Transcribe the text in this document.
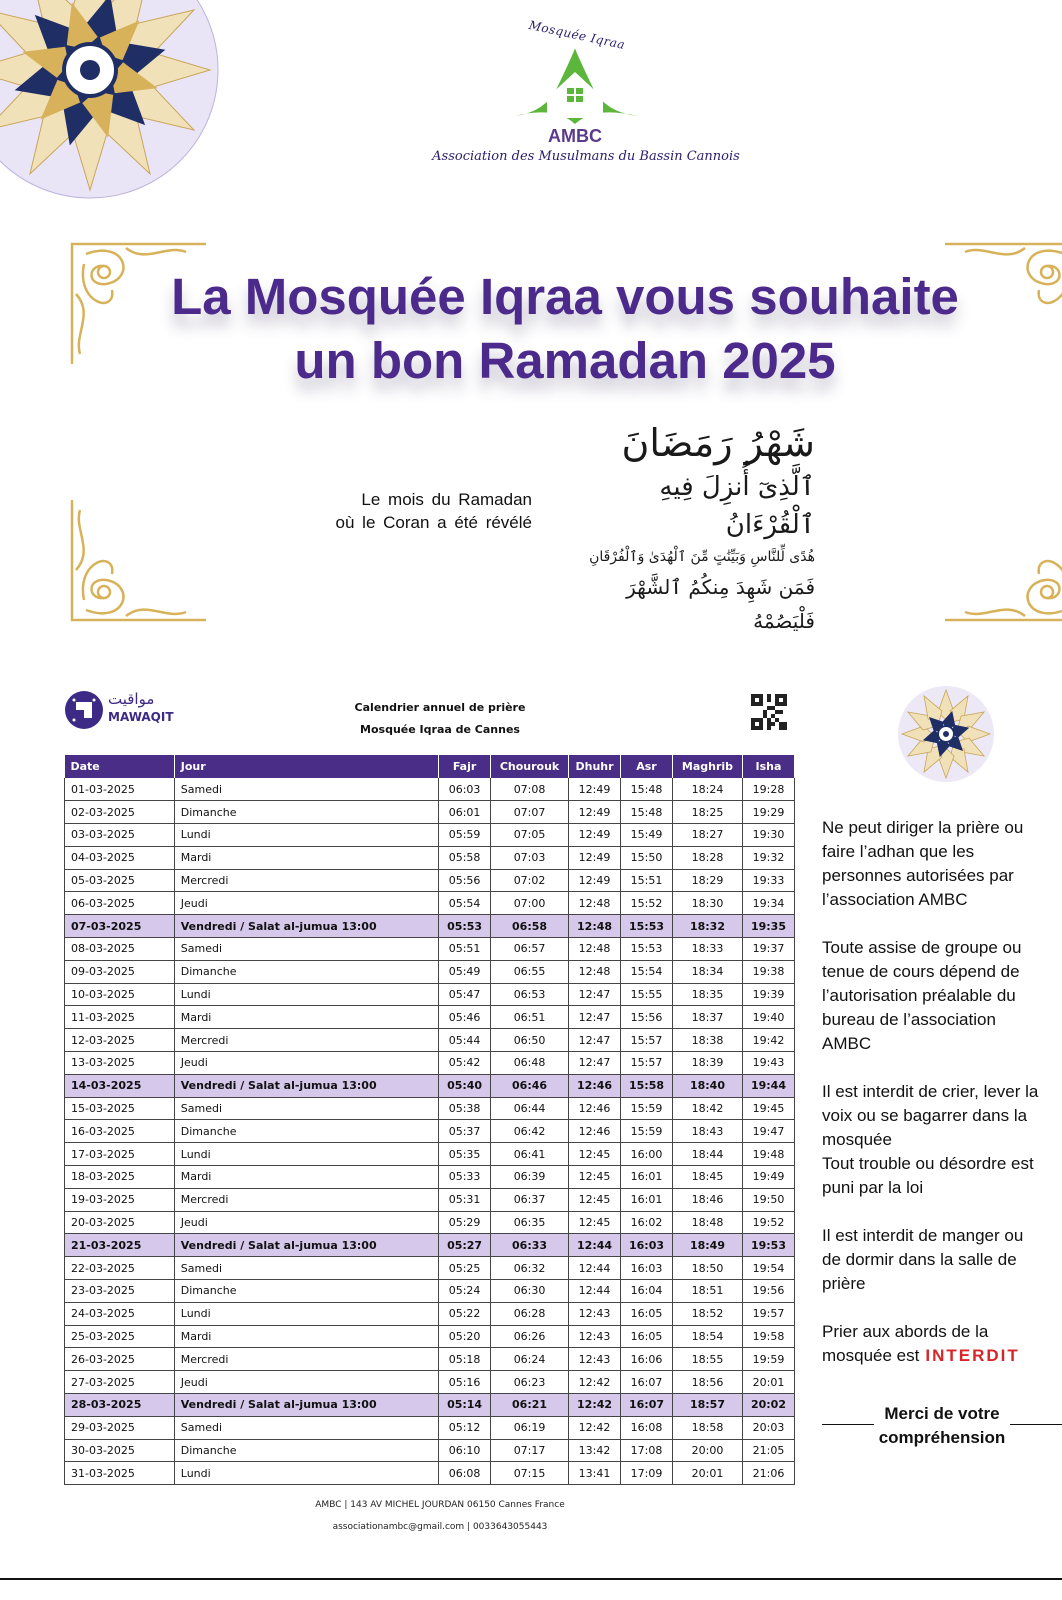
Mosquée Iqraa
AMBC
Association des Musulmans du Bassin Cannois
La Mosquée Iqraa vous souhaite
un bon Ramadan 2025
Le mois du Ramadan
où le Coran a été révélé
شَهْرُ رَمَضَانَ
ٱلَّذِىٓ أُنزِلَ فِيهِ ٱلْقُرْءَانُ
هُدًى لِّلنَّاسِ وَبَيِّنَٰتٍ مِّنَ ٱلْهُدَىٰ وَٱلْفُرْقَانِ
فَمَن شَهِدَ مِنكُمُ ٱلشَّهْرَ فَلْيَصُمْهُ
مواقيت
MAWAQIT
Calendrier annuel de prière
Mosquée Iqraa de Cannes
Date	Jour	Fajr	Chourouk	Dhuhr	Asr	Maghrib	Isha
01-03-2025	Samedi	06:03	07:08	12:49	15:48	18:24	19:28
02-03-2025	Dimanche	06:01	07:07	12:49	15:48	18:25	19:29
03-03-2025	Lundi	05:59	07:05	12:49	15:49	18:27	19:30
04-03-2025	Mardi	05:58	07:03	12:49	15:50	18:28	19:32
05-03-2025	Mercredi	05:56	07:02	12:49	15:51	18:29	19:33
06-03-2025	Jeudi	05:54	07:00	12:48	15:52	18:30	19:34
07-03-2025	Vendredi / Salat al-jumua 13:00	05:53	06:58	12:48	15:53	18:32	19:35
08-03-2025	Samedi	05:51	06:57	12:48	15:53	18:33	19:37
09-03-2025	Dimanche	05:49	06:55	12:48	15:54	18:34	19:38
10-03-2025	Lundi	05:47	06:53	12:47	15:55	18:35	19:39
11-03-2025	Mardi	05:46	06:51	12:47	15:56	18:37	19:40
12-03-2025	Mercredi	05:44	06:50	12:47	15:57	18:38	19:42
13-03-2025	Jeudi	05:42	06:48	12:47	15:57	18:39	19:43
14-03-2025	Vendredi / Salat al-jumua 13:00	05:40	06:46	12:46	15:58	18:40	19:44
15-03-2025	Samedi	05:38	06:44	12:46	15:59	18:42	19:45
16-03-2025	Dimanche	05:37	06:42	12:46	15:59	18:43	19:47
17-03-2025	Lundi	05:35	06:41	12:45	16:00	18:44	19:48
18-03-2025	Mardi	05:33	06:39	12:45	16:01	18:45	19:49
19-03-2025	Mercredi	05:31	06:37	12:45	16:01	18:46	19:50
20-03-2025	Jeudi	05:29	06:35	12:45	16:02	18:48	19:52
21-03-2025	Vendredi / Salat al-jumua 13:00	05:27	06:33	12:44	16:03	18:49	19:53
22-03-2025	Samedi	05:25	06:32	12:44	16:03	18:50	19:54
23-03-2025	Dimanche	05:24	06:30	12:44	16:04	18:51	19:56
24-03-2025	Lundi	05:22	06:28	12:43	16:05	18:52	19:57
25-03-2025	Mardi	05:20	06:26	12:43	16:05	18:54	19:58
26-03-2025	Mercredi	05:18	06:24	12:43	16:06	18:55	19:59
27-03-2025	Jeudi	05:16	06:23	12:42	16:07	18:56	20:01
28-03-2025	Vendredi / Salat al-jumua 13:00	05:14	06:21	12:42	16:07	18:57	20:02
29-03-2025	Samedi	05:12	06:19	12:42	16:08	18:58	20:03
30-03-2025	Dimanche	06:10	07:17	13:42	17:08	20:00	21:05
31-03-2025	Lundi	06:08	07:15	13:41	17:09	20:01	21:06
AMBC | 143 AV MICHEL JOURDAN 06150 Cannes France
associationambc@gmail.com | 0033643055443
Ne peut diriger la prière ou
faire l’adhan que les
personnes autorisées par
l’association AMBC
Toute assise de groupe ou
tenue de cours dépend de
l’autorisation préalable du
bureau de l’association
AMBC
Il est interdit de crier, lever la
voix ou se bagarrer dans la
mosquée
Tout trouble ou désordre est
puni par la loi
Il est interdit de manger ou
de dormir dans la salle de
prière
Prier aux abords de la
mosquée est INTERDIT
Merci de votre
compréhension
